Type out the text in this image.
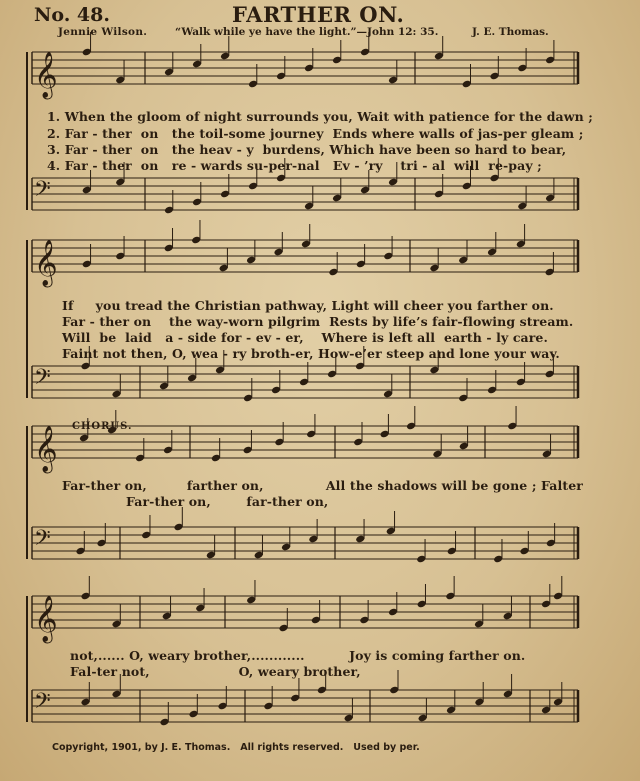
No. 48.	FARTHER ON.
Jennie Wilson.	“Walk while ye have the light.”—John 12: 35.	J. E. Thomas.
𝄞
𝄢
𝄞
𝄢
𝄞
𝄢
𝄞
𝄢
1. When the gloom of night surrounds you, Wait with patience for the dawn ;
2. Far - ther  on   the toil-some journey  Ends where walls of jas-per gleam ;
3. Far - ther  on   the heav - y  burdens, Which have been so hard to bear,
4. Far - ther  on   re - wards su-per-nal   Ev - ’ry    tri - al  will  re-pay ;
If     you tread the Christian pathway, Light will cheer you farther on.
Far - ther on    the way-worn pilgrim  Rests by life’s fair-flowing stream.
Will  be  laid   a - side for - ev - er,    Where is left all  earth - ly care.
Faint not then, O, wea - ry broth-er, How-e’er steep and lone your way.
CHORUS.
Far-ther on,         farther on,              All the shadows will be gone ; Falter
Far-ther on,        far-ther on,
not,...... O, weary brother,............          Joy is coming farther on.
Fal-ter not,                    O, weary brother,
Copyright, 1901, by J. E. Thomas.   All rights reserved.   Used by per.
